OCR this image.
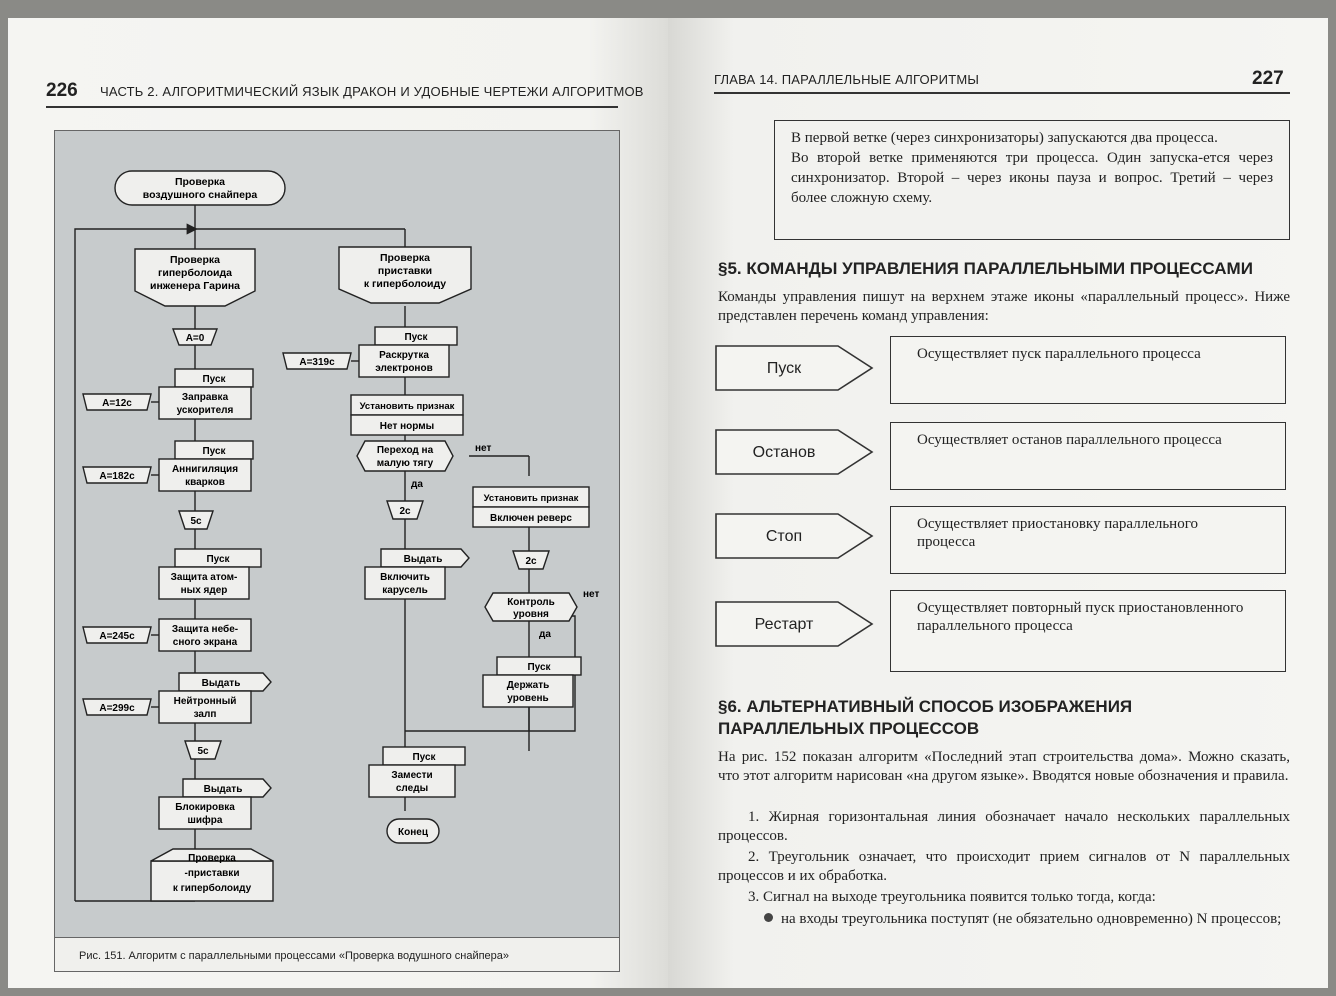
226 ЧАСТЬ 2. АЛГОРИТМИЧЕСКИЙ ЯЗЫК ДРАКОН И УДОБНЫЕ ЧЕРТЕЖИ АЛГОРИТМОВ
Проверка
воздушного снайпера
Проверка
гиперболоида
инженера Гарина
A=0
Пуск
Заправка
ускорителя
A=12c
Пуск
Аннигиляция
кварков
A=182c
5c
Пуск
Защита атом-
ных ядер
Защита небе-
сного экрана
A=245c
Выдать
Нейтронный
залп
A=299c
5c
Выдать
Блокировка
шифра
Проверка
-приставки
к гиперболоиду
Проверка
приставки
к гиперболоиду
Пуск
Раскрутка
электронов
A=319c
Установить признак
Нет нормы
Переход на
малую тягу
нет
да
2c
Выдать
Включить
карусель
Установить признак
Включен реверс
2c
Контроль
уровня
нет
да
Пуск
Держать
уровень
Пуск
Замести
следы
Конец
Рис. 151. Алгоритм с параллельными процессами «Проверка водушного снайпера»
ГЛАВА 14. ПАРАЛЛЕЛЬНЫЕ АЛГОРИТМЫ	227
В первой ветке (через синхронизаторы) запускаются два процесса.
Во второй ветке применяются три процесса. Один запуска-ется через синхронизатор. Второй – через иконы пауза и вопрос. Третий – через более сложную схему.
§5. КОМАНДЫ УПРАВЛЕНИЯ ПАРАЛЛЕЛЬНЫМИ ПРОЦЕССАМИ
Команды управления пишут на верхнем этаже иконы «параллельный процесс». Ниже представлен перечень команд управления:
Пуск
Останов
Стоп
Рестарт
Осуществляет пуск параллельного процесса
Осуществляет останов параллельного процесса
Осуществляет приостановку параллельного процесса
Осуществляет повторный пуск приостановленного параллельного процесса
§6. АЛЬТЕРНАТИВНЫЙ СПОСОБ ИЗОБРАЖЕНИЯ
ПАРАЛЛЕЛЬНЫХ ПРОЦЕССОВ
На рис. 152 показан алгоритм «Последний этап строительства дома». Можно сказать, что этот алгоритм нарисован «на другом языке». Вводятся новые обозначения и правила.
1. Жирная горизонтальная линия обозначает начало нескольких параллельных процессов.
2. Треугольник означает, что происходит прием сигналов от N параллельных процессов и их обработка.
3. Сигнал на выходе треугольника появится только тогда, когда:
на входы треугольника поступят (не обязательно одновременно) N процессов;
